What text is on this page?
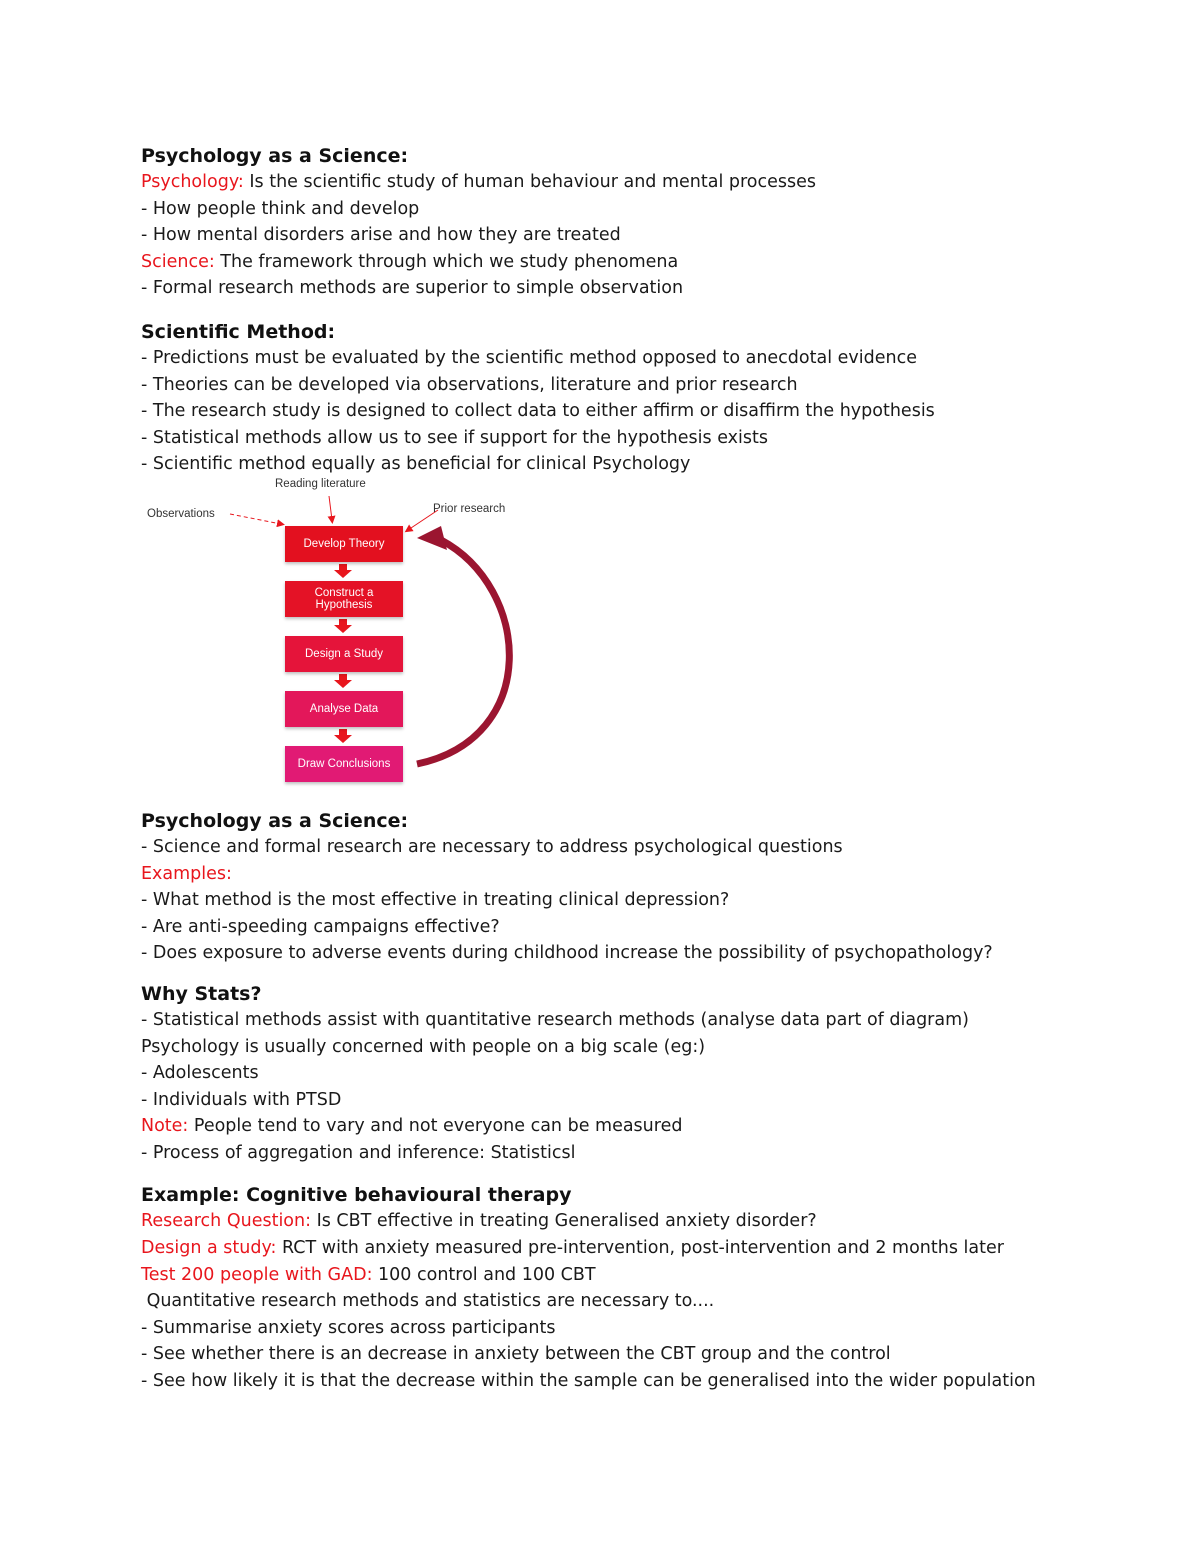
Psychology as a Science:

Psychology: Is the scientific study of human behaviour and mental processes

- How people think and develop

- How mental disorders arise and how they are treated

Science: The framework through which we study phenomena

- Formal research methods are superior to simple observation

Scientific Method:

- Predictions must be evaluated by the scientific method opposed to anecdotal evidence

- Theories can be developed via observations, literature and prior research

- The research study is designed to collect data to either affirm or disaffirm the hypothesis

- Statistical methods allow us to see if support for the hypothesis exists

- Scientific method equally as beneficial for clinical Psychology

Reading literature
Observations	Prior research
Develop Theory
Construct a
Hypothesis
Design a Study
Analyse Data
Draw Conclusions

Psychology as a Science:

- Science and formal research are necessary to address psychological questions

Examples:

- What method is the most effective in treating clinical depression?

- Are anti-speeding campaigns effective?

- Does exposure to adverse events during childhood increase the possibility of psychopathology?

Why Stats?

- Statistical methods assist with quantitative research methods (analyse data part of diagram)

Psychology is usually concerned with people on a big scale (eg:)

- Adolescents

- Individuals with PTSD

Note: People tend to vary and not everyone can be measured

- Process of aggregation and inference: Statisticsl

Example: Cognitive behavioural therapy

Research Question: Is CBT effective in treating Generalised anxiety disorder?

Design a study: RCT with anxiety measured pre-intervention, post-intervention and 2 months later

Test 200 people with GAD: 100 control and 100 CBT

Quantitative research methods and statistics are necessary to....

- Summarise anxiety scores across participants

- See whether there is an decrease in anxiety between the CBT group and the control

- See how likely it is that the decrease within the sample can be generalised into the wider population
